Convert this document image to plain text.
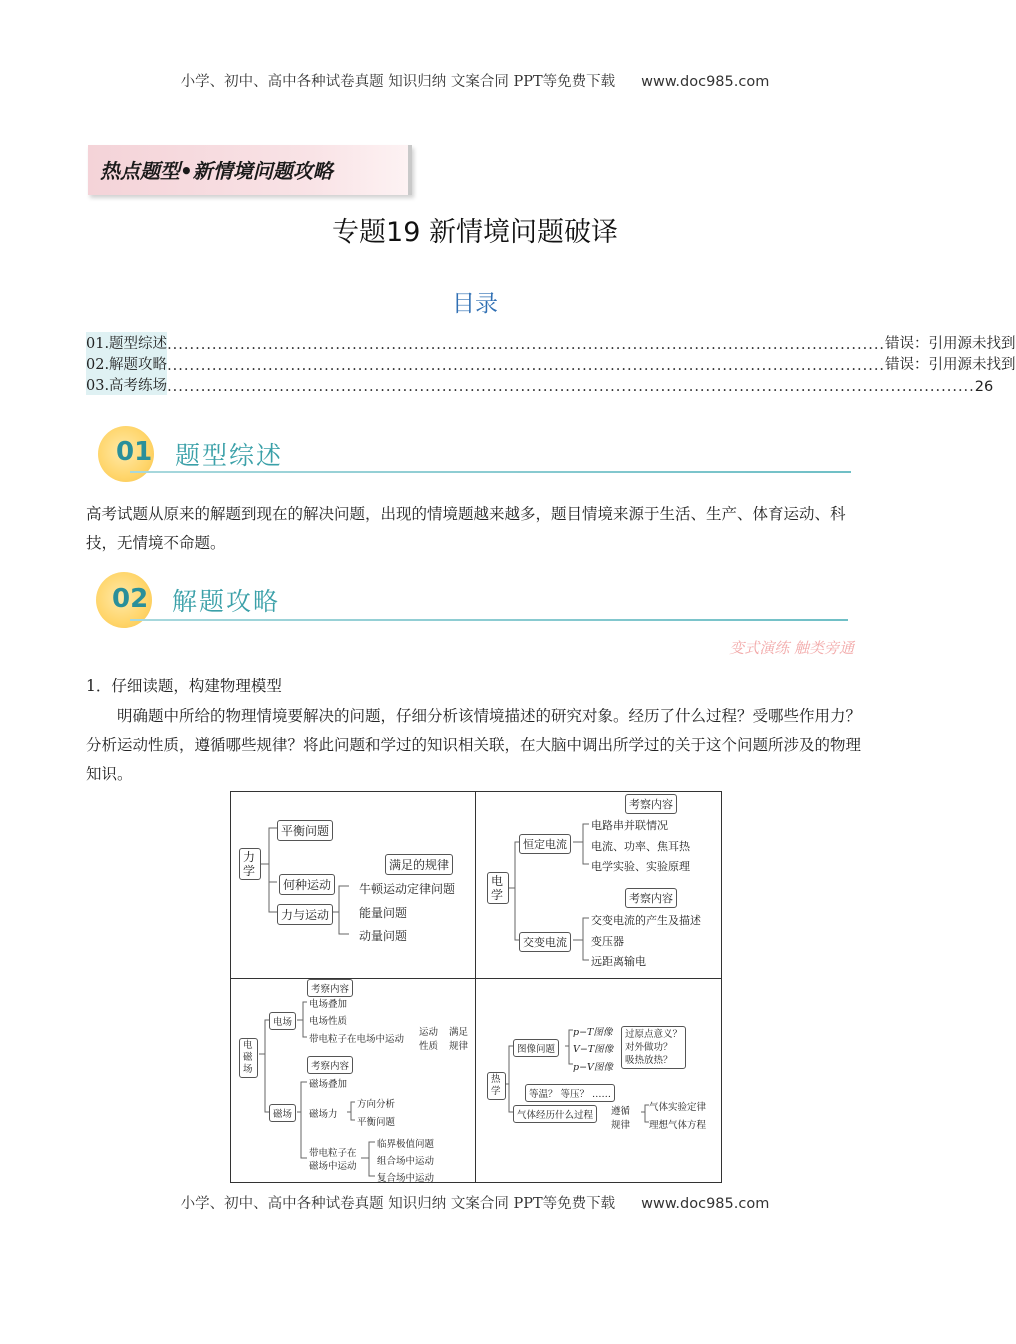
小学、初中、高中各种试卷真题 知识归纳 文案合同 PPT等免费下载 www.doc985.com
热点题型•新情境问题攻略
专题19 新情境问题破译
目录
01.题型综述 ................................................................................................................................ 错误：引用源未找到
02.解题攻略 ................................................................................................................................ 错误：引用源未找到
03.高考练场 ................................................................................................................................................ 26
01 题型综述
高考试题从原来的解题到现在的解决问题，出现的情境题越来越多，题目情境来源于生活、生产、体育运动、科技，无情境不命题。
02 解题攻略
变式演练 触类旁通
1．仔细读题，构建物理模型
明确题中所给的物理情境要解决的问题，仔细分析该情境描述的研究对象。经历了什么过程？受哪些作用力？分析运动性质，遵循哪些规律？将此问题和学过的知识相关联，在大脑中调出所学过的关于这个问题所涉及的物理知识。
力学
平衡问题
何种运动
力与运动
满足的规律
牛顿运动定律问题
能量问题
动量问题
电学
恒定电流
交变电流
考察内容
考察内容
电路串并联情况
电流、功率、焦耳热
电学实验、实验原理
交变电流的产生及描述
变压器
远距离输电
电磁场
电场
磁场
考察内容
电场叠加
电场性质
带电粒子在电场中运动
运动
性质
满足
规律
考察内容
磁场叠加
磁场力
带电粒子在磁场中运动
方向分析
平衡问题
临界极值问题
组合场中运动
复合场中运动
热学
图像问题
p−T图像
V−T图像
p−V图像
过原点意义？
对外做功？
吸热放热？
等温？ 等压？ ……
气体经历什么过程	遵循
规律
气体实验定律
理想气体方程
小学、初中、高中各种试卷真题 知识归纳 文案合同 PPT等免费下载 www.doc985.com
